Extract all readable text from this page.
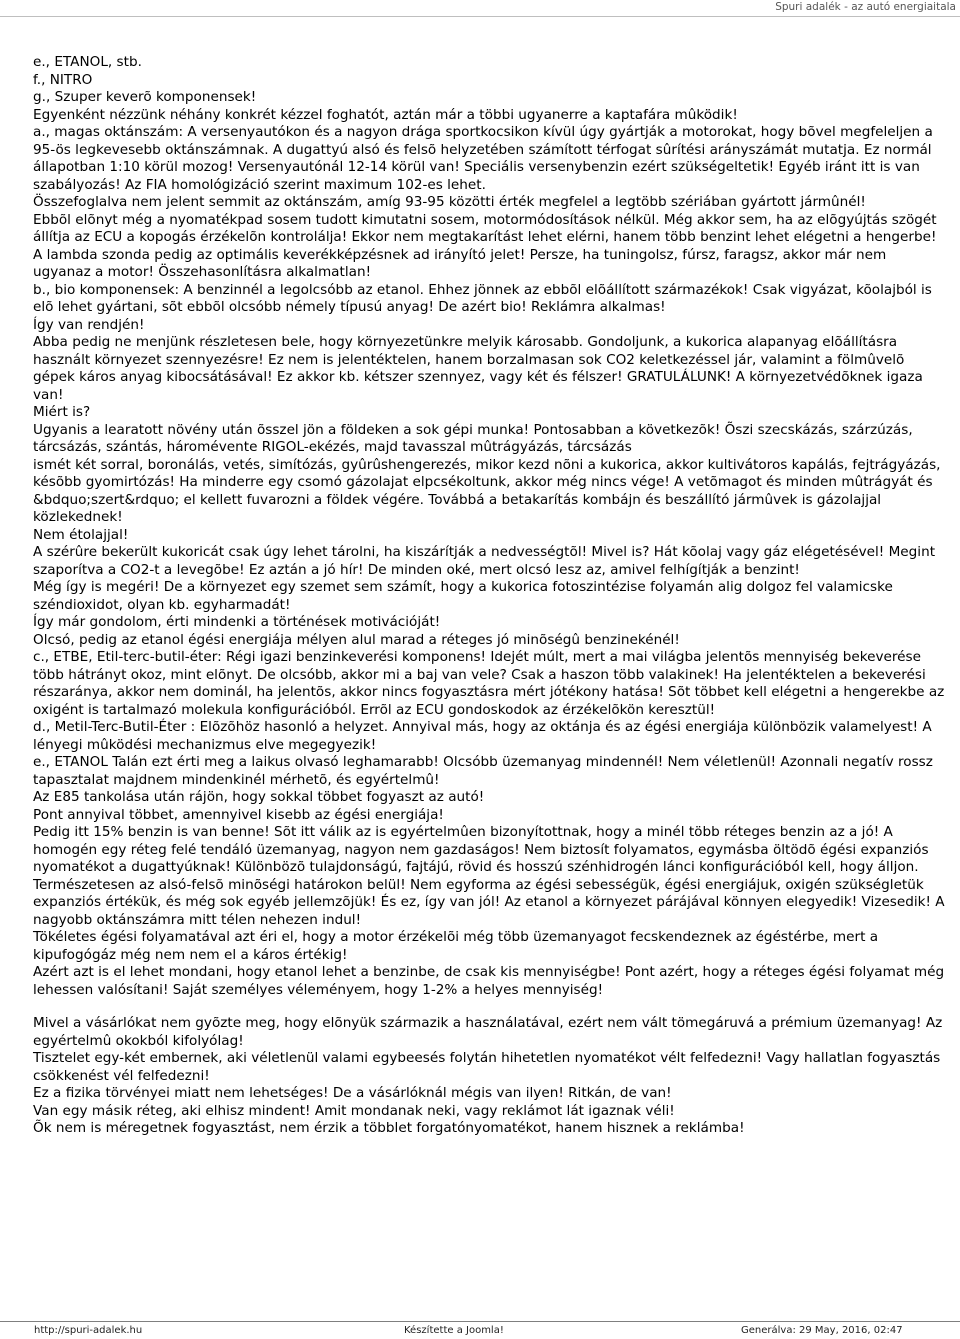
Spuri adalék - az autó energiaitala

e., ETANOL, stb.

f., NITRO

g., Szuper keverõ komponensek!

Egyenként nézzünk néhány konkrét kézzel foghatót, aztán már a többi ugyanerre a kaptafára mûködik!

a., magas oktánszám: A versenyautókon és a nagyon drága sportkocsikon kívül úgy gyártják a motorokat, hogy bõvel megfeleljen a 95-ös legkevesebb oktánszámnak. A dugattyú alsó és felsõ helyzetében számított térfogat sûrítési arányszámát mutatja. Ez normál állapotban 1:10 körül mozog! Versenyautónál 12-14 körül van! Speciális versenybenzin ezért szükségeltetik! Egyéb iránt itt is van szabályozás! Az FIA homológizáció szerint maximum 102-es lehet.

Összefoglalva nem jelent semmit az oktánszám, amíg 93-95 közötti érték megfelel a legtöbb szériában gyártott jármûnél!

Ebbõl elõnyt még a nyomatékpad sosem tudott kimutatni sosem, motormódosítások nélkül. Még akkor sem, ha az elõgyújtás szögét állítja az ECU a kopogás érzékelõn kontrolálja! Ekkor nem megtakarítást lehet elérni, hanem több benzint lehet elégetni a hengerbe! A lambda szonda pedig az optimális keverékképzésnek ad irányító jelet! Persze, ha tuningolsz, fúrsz, faragsz, akkor már nem ugyanaz a motor! Összehasonlításra alkalmatlan!

b., bio komponensek: A benzinnél a legolcsóbb az etanol. Ehhez jönnek az ebbõl elõállított származékok! Csak vigyázat, kõolajból is elõ lehet gyártani, sõt ebbõl olcsóbb némely típusú anyag! De azért bio! Reklámra alkalmas!

Így van rendjén!

Abba pedig ne menjünk részletesen bele, hogy környezetünkre melyik károsabb. Gondoljunk, a kukorica alapanyag elõállításra használt környezet szennyezésre! Ez nem is jelentéktelen, hanem borzalmasan sok CO2 keletkezéssel jár, valamint a fölmûvelõ gépek káros anyag kibocsátásával! Ez akkor kb. kétszer szennyez, vagy két és félszer! GRATULÁLUNK! A környezetvédõknek igaza van!

Miért is?

Ugyanis a learatott növény után õsszel jön a földeken a sok gépi munka! Pontosabban a következõk! Õszi szecskázás, szárzúzás, tárcsázás, szántás, háromévente RIGOL-ekézés, majd tavasszal mûtrágyázás, tárcsázás

ismét két sorral, boronálás, vetés, simítózás, gyûrûshengerezés, mikor kezd nõni a kukorica, akkor kultivátoros kapálás, fejtrágyázás, késõbb gyomirtózás! Ha minderre egy csomó gázolajat elpcsékoltunk, akkor még nincs vége! A vetõmagot és minden mûtrágyát és &bdquo;szert&rdquo; el kellett fuvarozni a földek végére. Továbbá a betakarítás kombájn és beszállító jármûvek is gázolajjal közlekednek!

Nem étolajjal!

A szérûre bekerült kukoricát csak úgy lehet tárolni, ha kiszárítják a nedvességtõl! Mivel is? Hát kõolaj vagy gáz elégetésével! Megint szaporítva a CO2-t a levegõbe! Ez aztán a jó hír! De minden oké, mert olcsó lesz az, amivel felhígítják a benzint!

Még így is megéri! De a környezet egy szemet sem számít, hogy a kukorica fotoszintézise folyamán alig dolgoz fel valamicske széndioxidot, olyan kb. egyharmadát!

Így már gondolom, érti mindenki a történések motivációját!

Olcsó, pedig az etanol égési energiája mélyen alul marad a réteges jó minõségû benzinekénél!

c., ETBE, Etil-terc-butil-éter: Régi igazi benzinkeverési komponens! Idejét múlt, mert a mai világba jelentõs mennyiség bekeverése több hátrányt okoz, mint elõnyt. De olcsóbb, akkor mi a baj van vele? Csak a haszon több valakinek! Ha jelentéktelen a bekeverési részaránya, akkor nem dominál, ha jelentõs, akkor nincs fogyasztásra mért jótékony hatása! Sõt többet kell elégetni a hengerekbe az oxigént is tartalmazó molekula konfigurációból. Errõl az ECU gondoskodok az érzékelõkön keresztül!

d., Metil-Terc-Butil-Éter : Elõzõhöz hasonló a helyzet. Annyival más, hogy az oktánja és az égési energiája különbözik valamelyest! A lényegi mûködési mechanizmus elve megegyezik!

e., ETANOL Talán ezt érti meg a laikus olvasó leghamarabb! Olcsóbb üzemanyag mindennél! Nem véletlenül! Azonnali negatív rossz tapasztalat majdnem mindenkinél mérhetõ, és egyértelmû!

Az E85 tankolása után rájön, hogy sokkal többet fogyaszt az autó!

Pont annyival többet, amennyivel kisebb az égési energiája!

Pedig itt 15% benzin is van benne! Sõt itt válik az is egyértelmûen bizonyítottnak, hogy a minél több réteges benzin az a jó! A homogén egy réteg felé tendáló üzemanyag, nagyon nem gazdaságos! Nem biztosít folyamatos, egymásba öltödõ égési expanziós nyomatékot a dugattyúknak! Különbözõ tulajdonságú, fajtájú, rövid és hosszú szénhidrogén lánci konfigurációból kell, hogy álljon. Természetesen az alsó-felsõ minõségi határokon belül! Nem egyforma az égési sebességük, égési energiájuk, oxigén szükségletük expanziós értékük, és még sok egyéb jellemzõjük! És ez, így van jól! Az etanol a környezet párájával könnyen elegyedik! Vizesedik! A nagyobb oktánszámra mitt télen nehezen indul!

Tökéletes égési folyamatával azt éri el, hogy a motor érzékelõi még több üzemanyagot fecskendeznek az égéstérbe, mert a kipufogógáz még nem nem el a káros értékig!

Azért azt is el lehet mondani, hogy etanol lehet a benzinbe, de csak kis mennyiségbe! Pont azért, hogy a réteges égési folyamat még lehessen valósítani! Saját személyes véleményem, hogy 1-2% a helyes mennyiség!

Mivel a vásárlókat nem gyõzte meg, hogy elõnyük származik a használatával, ezért nem vált tömegáruvá a prémium üzemanyag! Az egyértelmû okokból kifolyólag!

Tisztelet egy-két embernek, aki véletlenül valami egybeesés folytán hihetetlen nyomatékot vélt felfedezni! Vagy hallatlan fogyasztás csökkenést vél felfedezni!

Ez a fizika törvényei miatt nem lehetséges! De a vásárlóknál mégis van ilyen! Ritkán, de van!

Van egy másik réteg, aki elhisz mindent! Amit mondanak neki, vagy reklámot lát igaznak véli!

Õk nem is méregetnek fogyasztást, nem érzik a többlet forgatónyomatékot, hanem hisznek a reklámba!

http://spuri-adalek.hu	Készítette a Joomla!	Generálva: 29 May, 2016, 02:47
